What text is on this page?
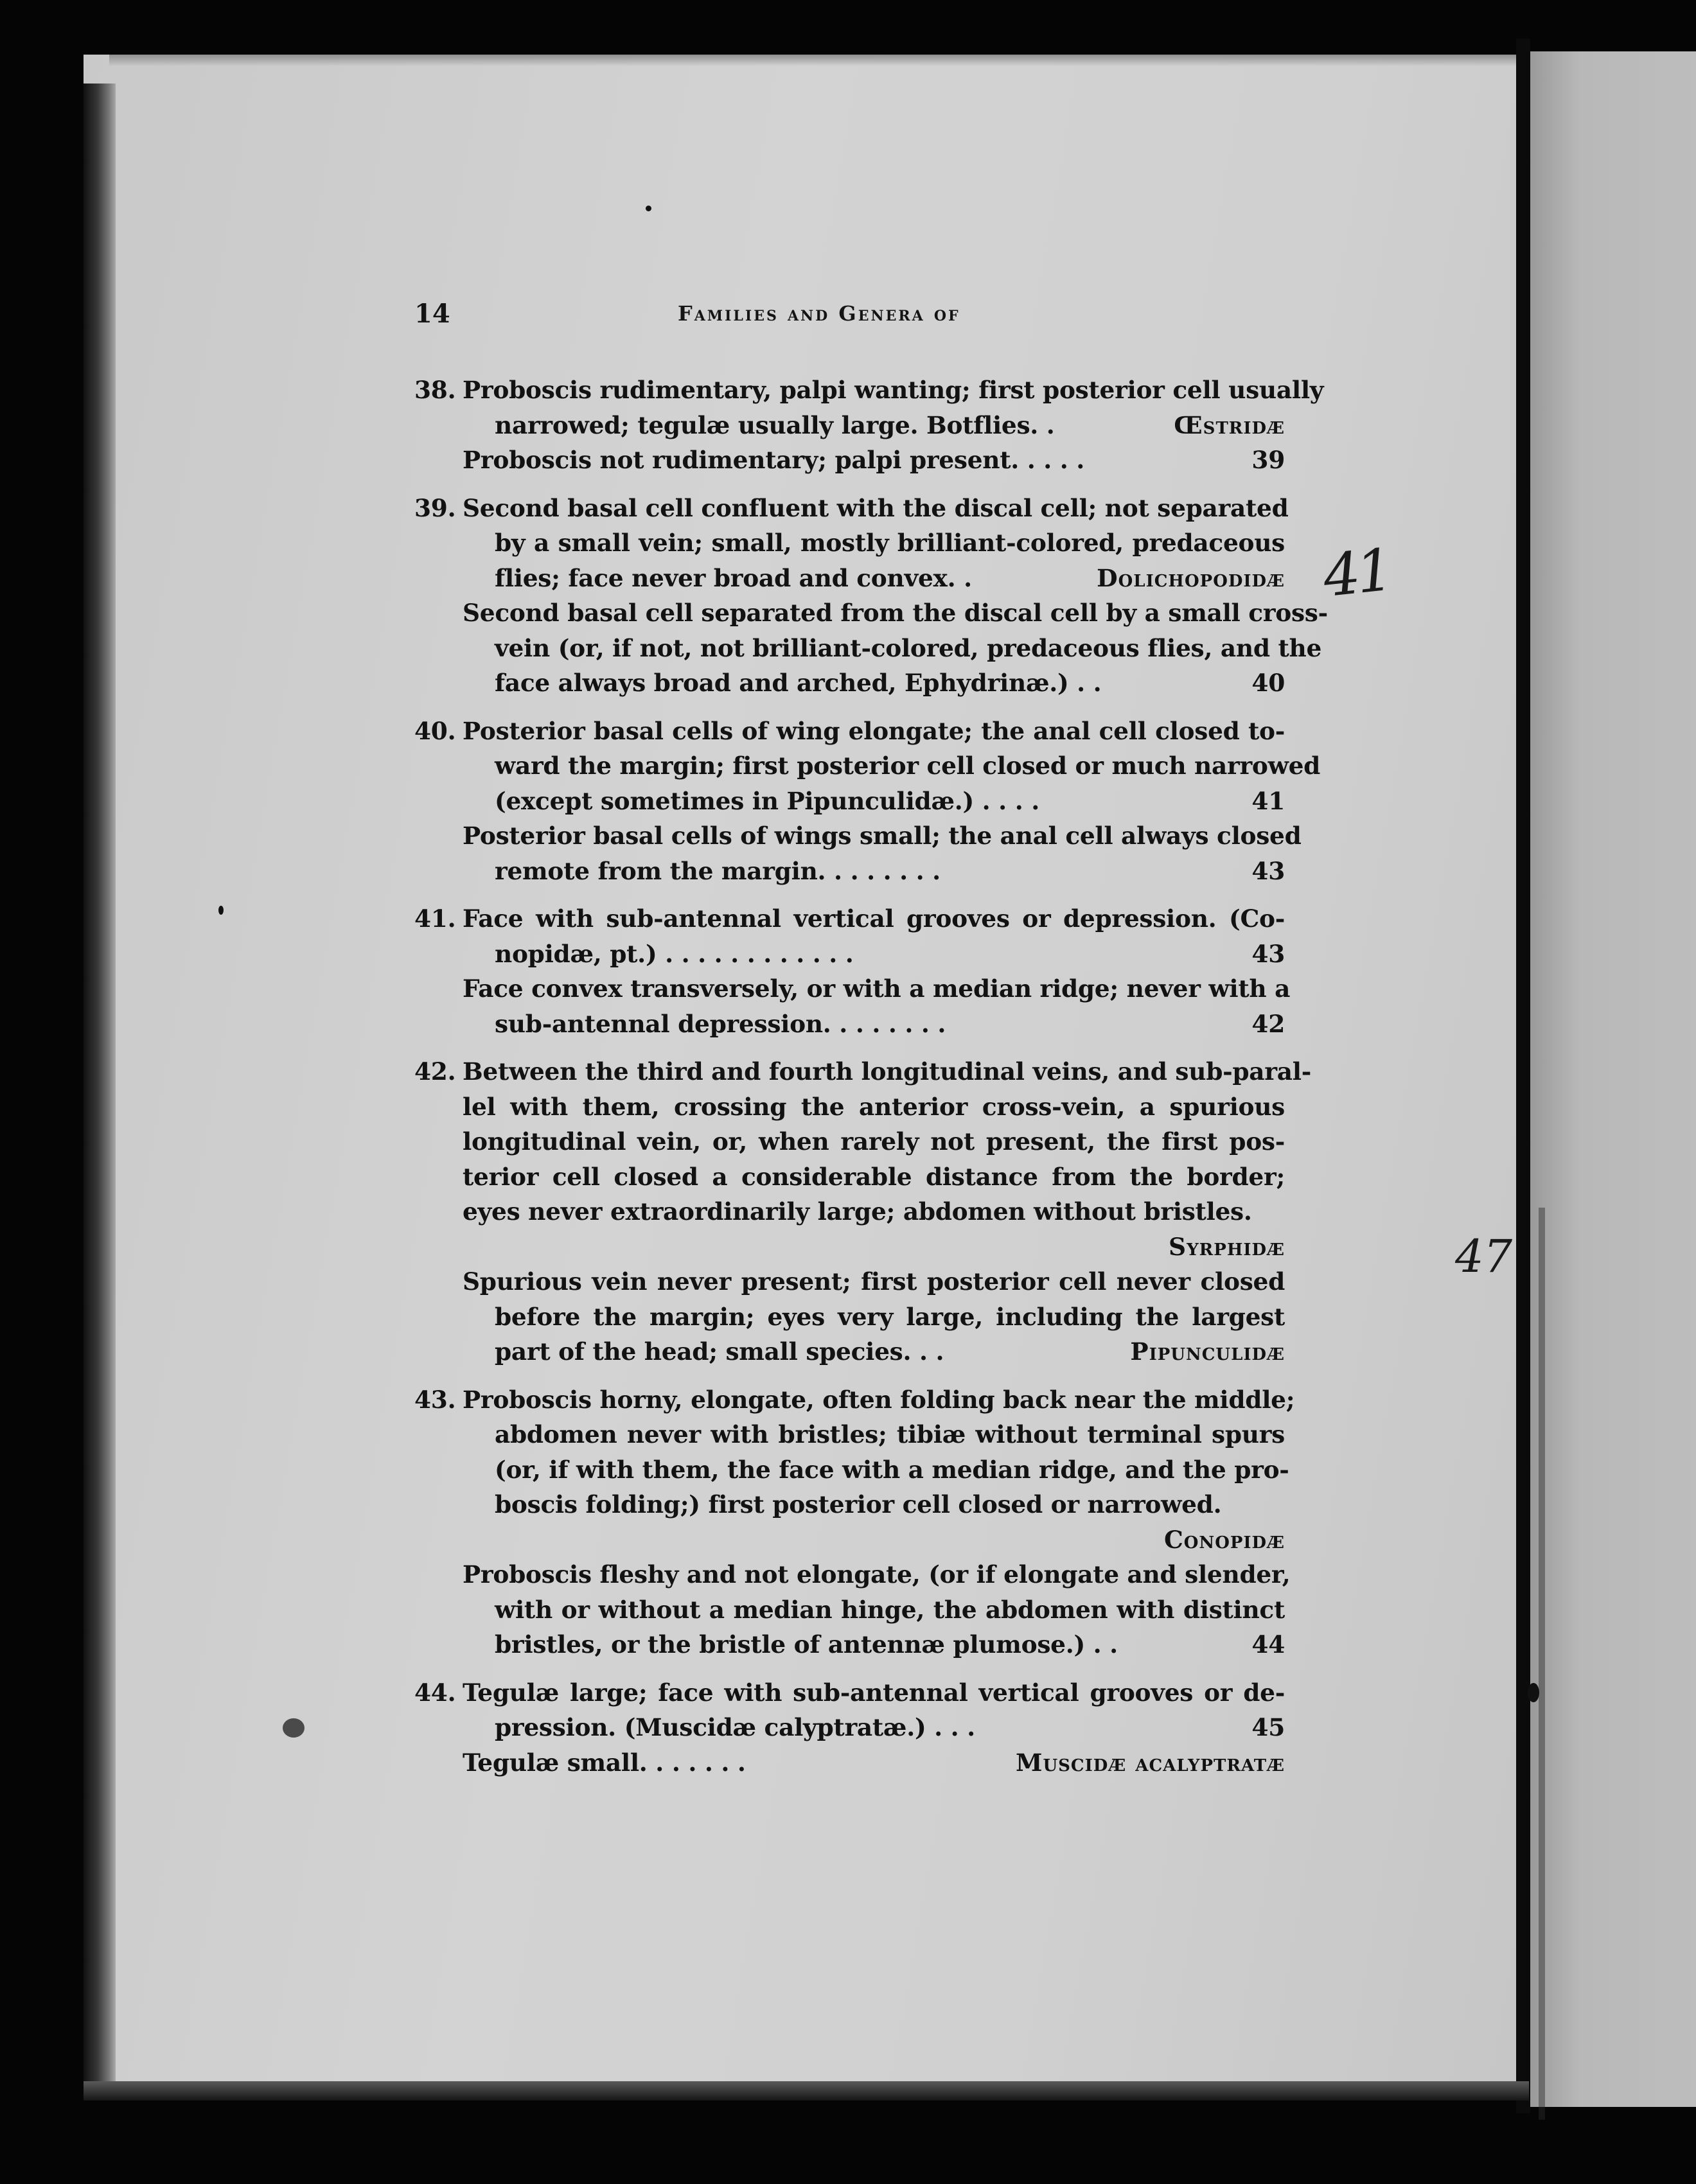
14	Families and Genera of
41
47
38. Proboscis rudimentary, palpi wanting; first posterior cell usually
narrowed; tegulæ usually large. Botflies. .	Œstridæ
Proboscis not rudimentary; palpi present. . . . .	39
39. Second basal cell confluent with the discal cell; not separated
by a small vein; small, mostly brilliant-colored, predaceous
flies; face never broad and convex. .	Dolichopodidæ
Second basal cell separated from the discal cell by a small cross-
vein (or, if not, not brilliant-colored, predaceous flies, and the
face always broad and arched, Ephydrinæ.) . .	40
40. Posterior basal cells of wing elongate; the anal cell closed to-
ward the margin; first posterior cell closed or much narrowed
(except sometimes in Pipunculidæ.) . . . .	41
Posterior basal cells of wings small; the anal cell always closed
remote from the margin. . . . . . . .	43
41. Face with sub-antennal vertical grooves or depression. (Co-
nopidæ, pt.) . . . . . . . . . . . .	43
Face convex transversely, or with a median ridge; never with a
sub-antennal depression. . . . . . . .	42
42. Between the third and fourth longitudinal veins, and sub-paral-
lel with them, crossing the anterior cross-vein, a spurious
longitudinal vein, or, when rarely not present, the first pos-
terior cell closed a considerable distance from the border;
eyes never extraordinarily large; abdomen without bristles.
Syrphidæ
Spurious vein never present; first posterior cell never closed
before the margin; eyes very large, including the largest
part of the head; small species. . .	Pipunculidæ
43. Proboscis horny, elongate, often folding back near the middle;
abdomen never with bristles; tibiæ without terminal spurs
(or, if with them, the face with a median ridge, and the pro-
boscis folding;) first posterior cell closed or narrowed.
Conopidæ
Proboscis fleshy and not elongate, (or if elongate and slender,
with or without a median hinge, the abdomen with distinct
bristles, or the bristle of antennæ plumose.) . .	44
44. Tegulæ large; face with sub-antennal vertical grooves or de-
pression. (Muscidæ calyptratæ.) . . .	45
Tegulæ small. . . . . . .	Muscidæ acalyptratæ
